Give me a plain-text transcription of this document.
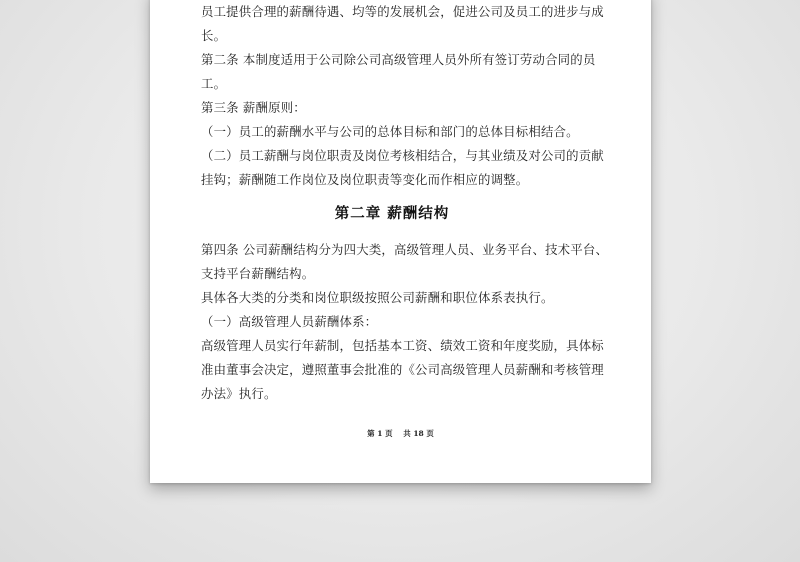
员工提供合理的薪酬待遇、均等的发展机会，促进公司及员工的进步与成
长。
第二条 本制度适用于公司除公司高级管理人员外所有签订劳动合同的员
工。
第三条 薪酬原则：
（一）员工的薪酬水平与公司的总体目标和部门的总体目标相结合。
（二）员工薪酬与岗位职责及岗位考核相结合，与其业绩及对公司的贡献
挂钩；薪酬随工作岗位及岗位职责等变化而作相应的调整。
第二章 薪酬结构
第四条 公司薪酬结构分为四大类，高级管理人员、业务平台、技术平台、
支持平台薪酬结构。
具体各大类的分类和岗位职级按照公司薪酬和职位体系表执行。
（一）高级管理人员薪酬体系：
高级管理人员实行年薪制，包括基本工资、绩效工资和年度奖励，具体标
准由董事会决定，遵照董事会批准的《公司高级管理人员薪酬和考核管理
办法》执行。
第 1 页 共 18 页
